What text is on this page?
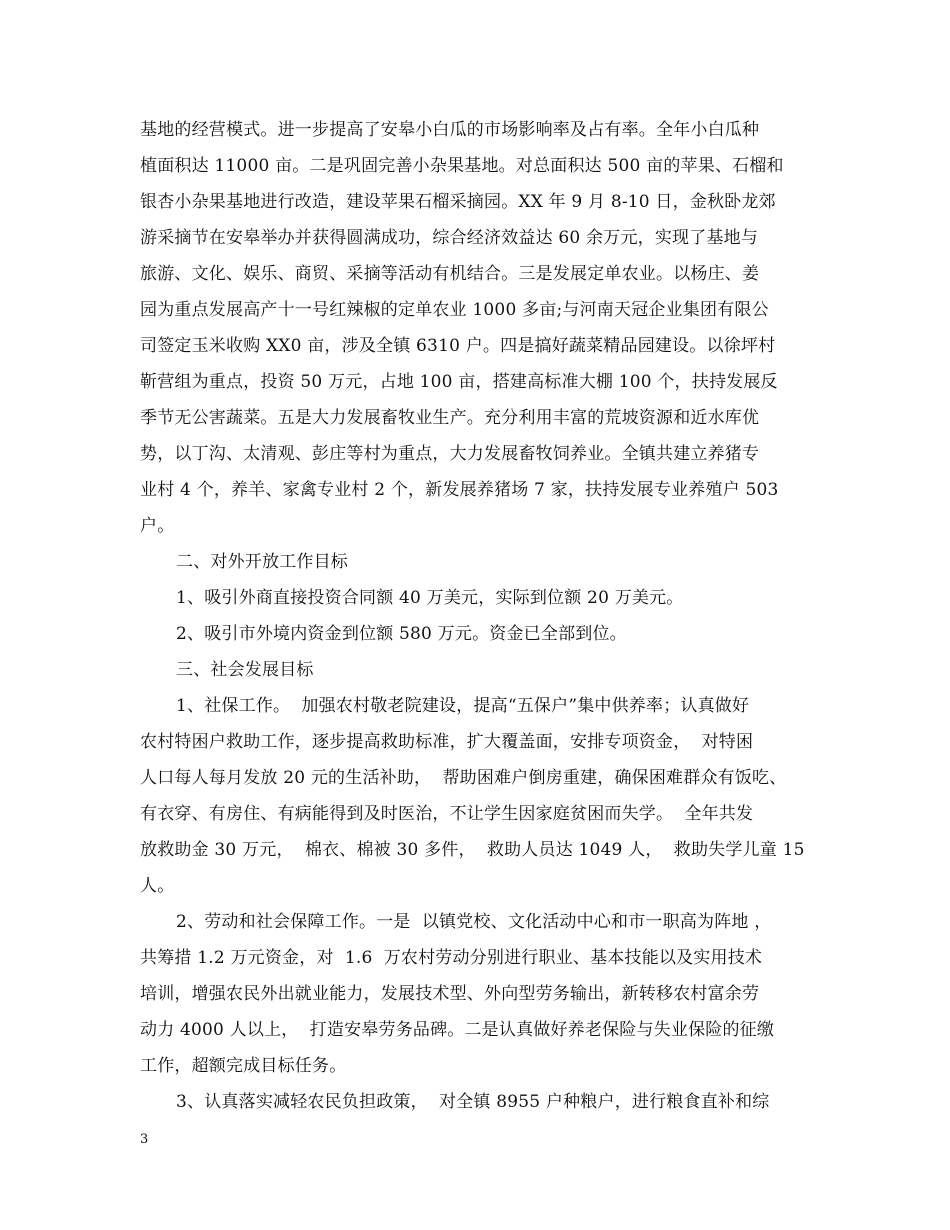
基地的经营模式。进一步提高了安皋小白瓜的市场影响率及占有率。全年小白瓜种
植面积达 11000 亩。二是巩固完善小杂果基地。对总面积达 500 亩的苹果、石榴和
银杏小杂果基地进行改造，建设苹果石榴采摘园。XX 年 9 月 8-10 日，金秋卧龙郊
游采摘节在安皋举办并获得圆满成功，综合经济效益达 60 余万元，实现了基地与
旅游、文化、娱乐、商贸、采摘等活动有机结合。三是发展定单农业。以杨庄、姜
园为重点发展高产十一号红辣椒的定单农业 1000 多亩;与河南天冠企业集团有限公
司签定玉米收购 XX0 亩，涉及全镇 6310 户。四是搞好蔬菜精品园建设。以徐坪村
靳营组为重点，投资 50 万元，占地 100 亩，搭建高标准大棚 100 个，扶持发展反
季节无公害蔬菜。五是大力发展畜牧业生产。充分利用丰富的荒坡资源和近水库优
势，以丁沟、太清观、彭庄等村为重点，大力发展畜牧饲养业。全镇共建立养猪专
业村 4 个，养羊、家禽专业村 2 个，新发展养猪场 7 家，扶持发展专业养殖户 503
户。
二、对外开放工作目标
1、吸引外商直接投资合同额 40 万美元，实际到位额 20 万美元。
2、吸引市外境内资金到位额 580 万元。资金已全部到位。
三、社会发展目标
1、社保工作。  加强农村敬老院建设，提高“五保户”集中供养率；认真做好
农村特困户救助工作，逐步提高救助标准，扩大覆盖面，安排专项资金，  对特困
人口每人每月发放 20 元的生活补助，  帮助困难户倒房重建，确保困难群众有饭吃、
有衣穿、有房住、有病能得到及时医治，不让学生因家庭贫困而失学。  全年共发
放救助金 30 万元，  棉衣、棉被 30 多件，  救助人员达 1049 人，  救助失学儿童 15
人。
2、劳动和社会保障工作。一是  以镇党校、文化活动中心和市一职高为阵地 ，
共筹措 1.2 万元资金，对  1.6  万农村劳动分别进行职业、基本技能以及实用技术
培训，增强农民外出就业能力，发展技术型、外向型劳务输出，新转移农村富余劳
动力 4000 人以上，  打造安皋劳务品碑。二是认真做好养老保险与失业保险的征缴
工作，超额完成目标任务。
3、认真落实减轻农民负担政策，  对全镇 8955 户种粮户，进行粮食直补和综
3
